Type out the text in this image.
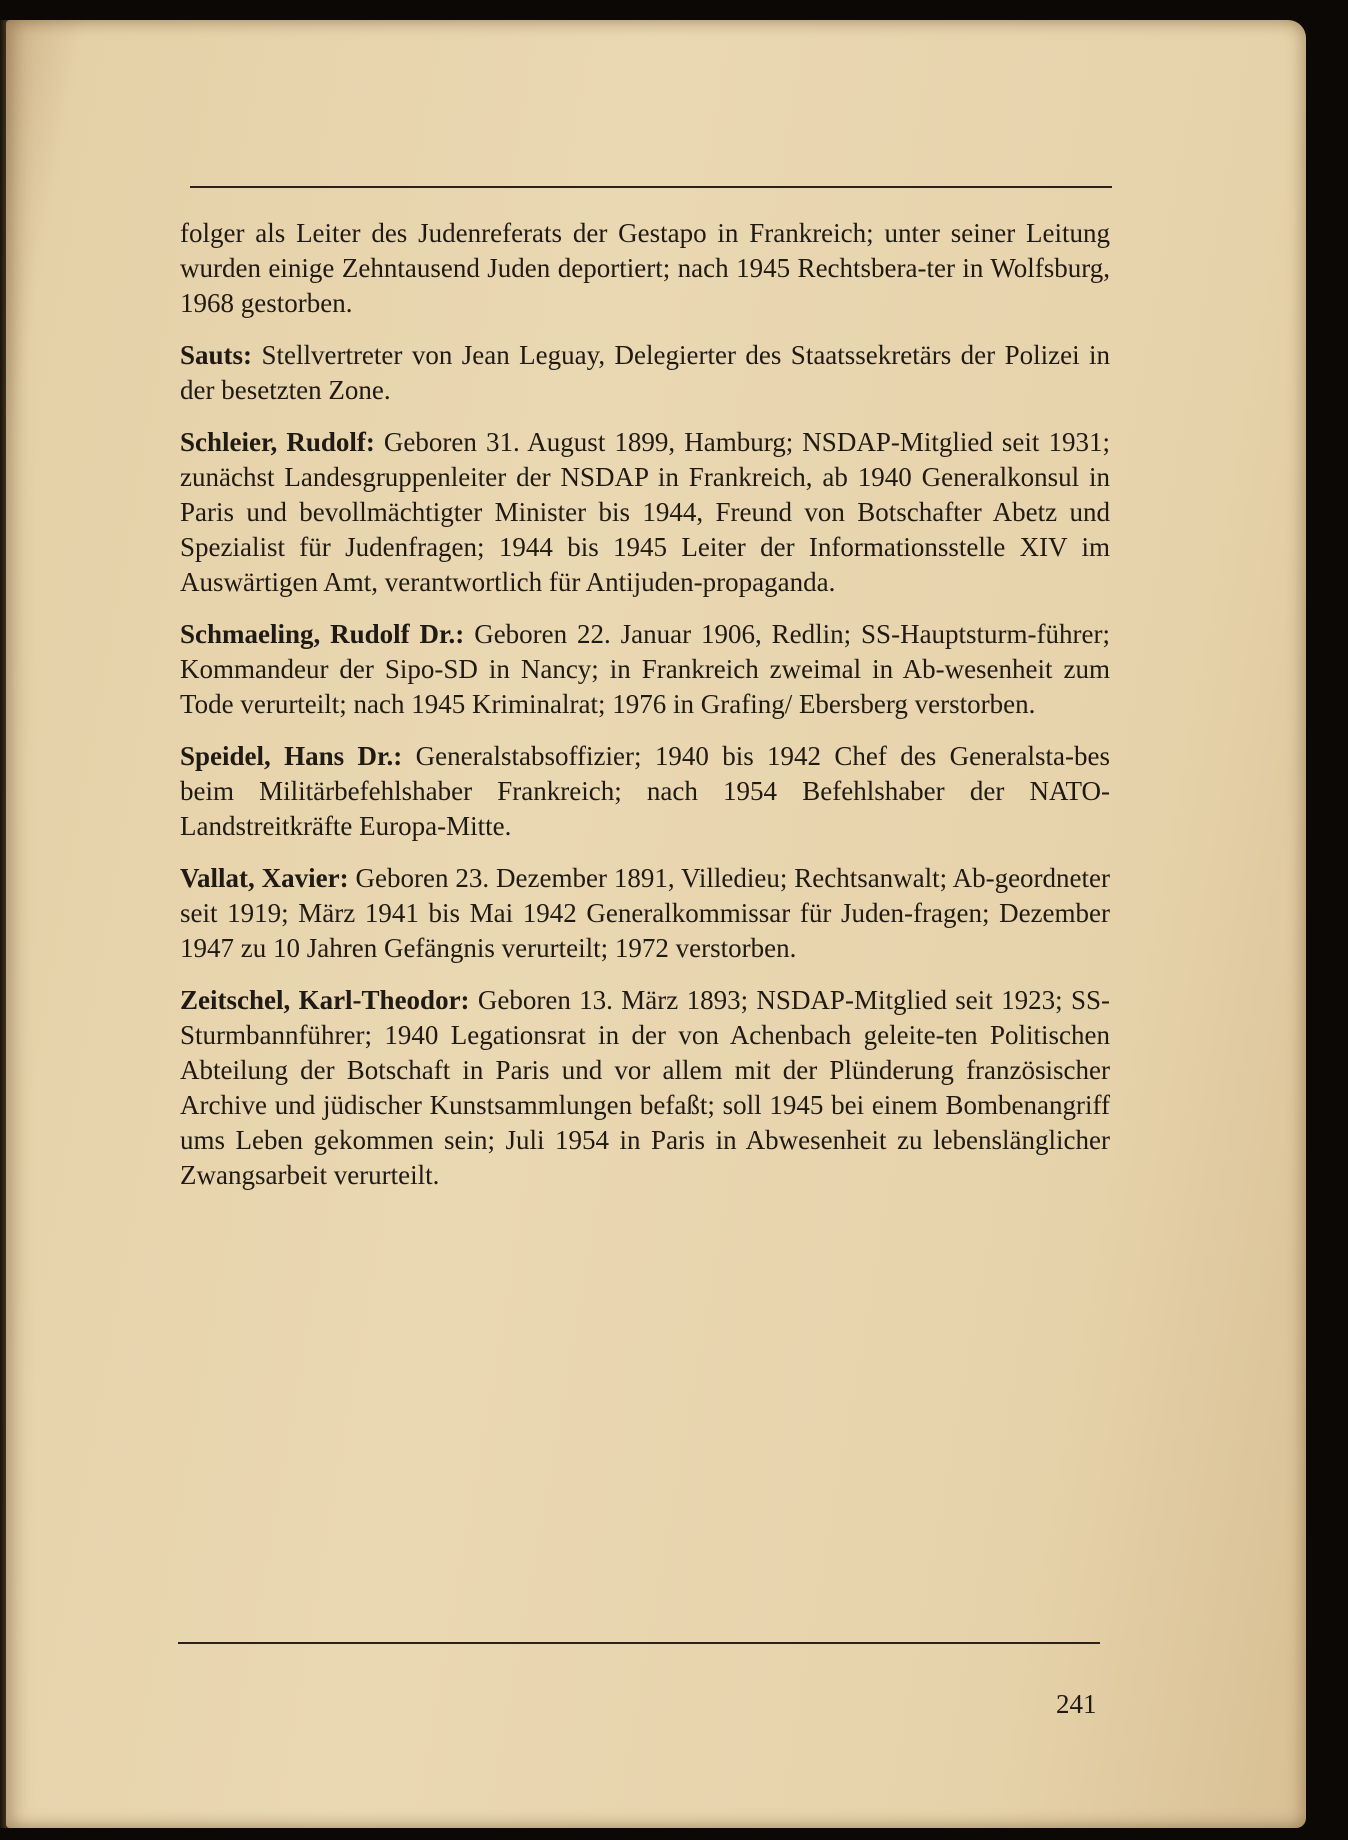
folger als Leiter des Judenreferats der Gestapo in Frankreich; unter seiner Leitung wurden einige Zehntausend Juden deportiert; nach 1945 Rechtsbera-ter in Wolfsburg, 1968 gestorben.

Sauts: Stellvertreter von Jean Leguay, Delegierter des Staatssekretärs der Polizei in der besetzten Zone.

Schleier, Rudolf: Geboren 31. August 1899, Hamburg; NSDAP-Mitglied seit 1931; zunächst Landesgruppenleiter der NSDAP in Frankreich, ab 1940 Generalkonsul in Paris und bevollmächtigter Minister bis 1944, Freund von Botschafter Abetz und Spezialist für Judenfragen; 1944 bis 1945 Leiter der Informationsstelle XIV im Auswärtigen Amt, verantwortlich für Antijuden-propaganda.

Schmaeling, Rudolf Dr.: Geboren 22. Januar 1906, Redlin; SS-Hauptsturm-führer; Kommandeur der Sipo-SD in Nancy; in Frankreich zweimal in Ab-wesenheit zum Tode verurteilt; nach 1945 Kriminalrat; 1976 in Grafing/ Ebersberg verstorben.

Speidel, Hans Dr.: Generalstabsoffizier; 1940 bis 1942 Chef des Generalsta-bes beim Militärbefehlshaber Frankreich; nach 1954 Befehlshaber der NATO-Landstreitkräfte Europa-Mitte.

Vallat, Xavier: Geboren 23. Dezember 1891, Villedieu; Rechtsanwalt; Ab-geordneter seit 1919; März 1941 bis Mai 1942 Generalkommissar für Juden-fragen; Dezember 1947 zu 10 Jahren Gefängnis verurteilt; 1972 verstorben.

Zeitschel, Karl-Theodor: Geboren 13. März 1893; NSDAP-Mitglied seit 1923; SS-Sturmbannführer; 1940 Legationsrat in der von Achenbach geleite-ten Politischen Abteilung der Botschaft in Paris und vor allem mit der Plünderung französischer Archive und jüdischer Kunstsammlungen befaßt; soll 1945 bei einem Bombenangriff ums Leben gekommen sein; Juli 1954 in Paris in Abwesenheit zu lebenslänglicher Zwangsarbeit verurteilt.

241
